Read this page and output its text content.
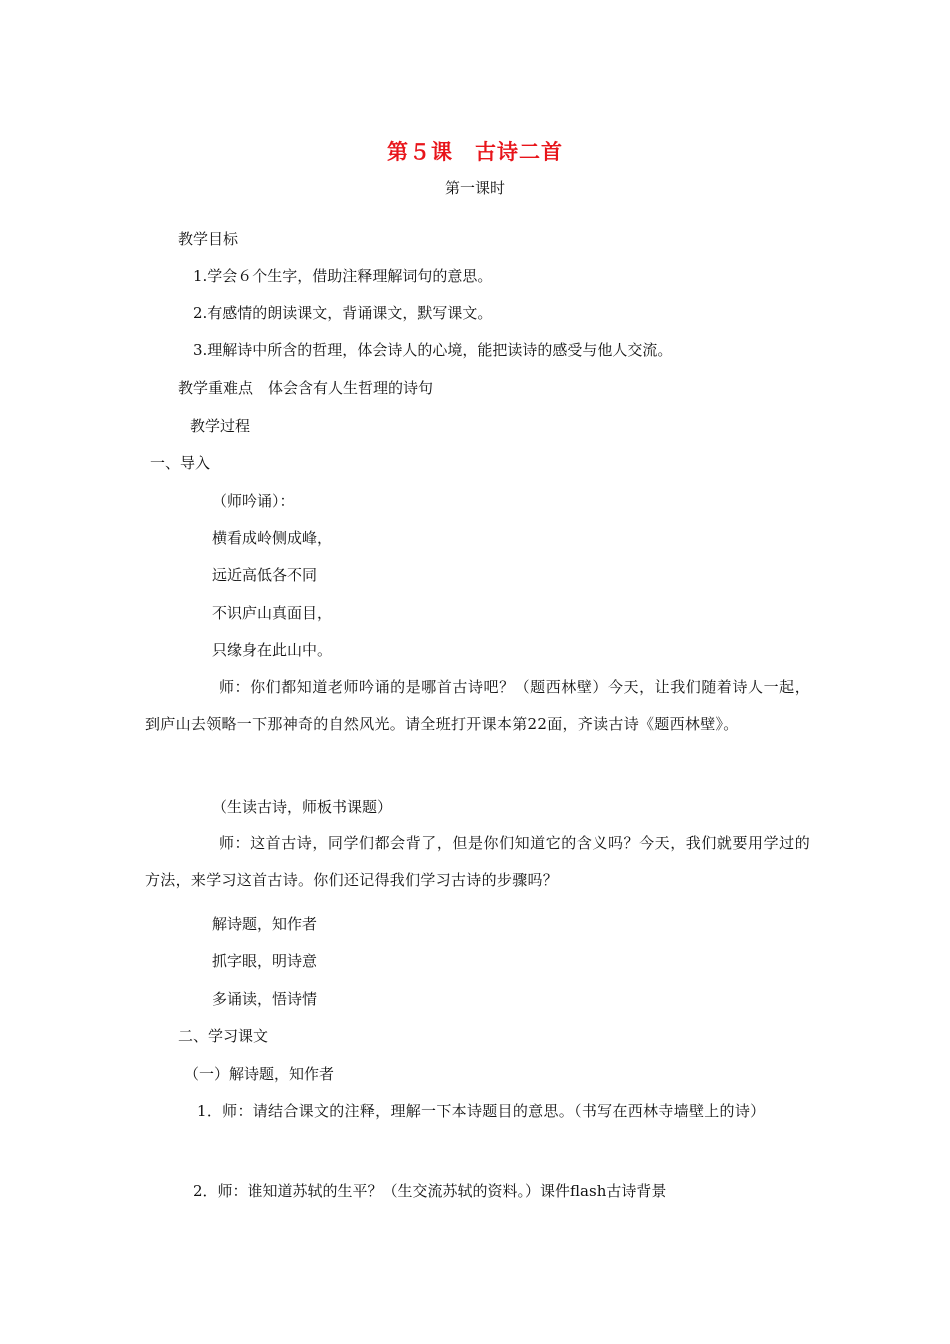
第５课　古诗二首
第一课时
教学目标
1.学会６个生字，借助注释理解词句的意思。
2.有感情的朗读课文，背诵课文，默写课文。
3.理解诗中所含的哲理，体会诗人的心境，能把读诗的感受与他人交流。
教学重难点　体会含有人生哲理的诗句
教学过程
一、导入
（师吟诵）：
横看成岭侧成峰，
远近高低各不同
不识庐山真面目，
只缘身在此山中。
师：你们都知道老师吟诵的是哪首古诗吧？（题西林壁）今天，让我们随着诗人一起，到庐山去领略一下那神奇的自然风光。请全班打开课本第22面，齐读古诗《题西林壁》。
（生读古诗，师板书课题）
师：这首古诗，同学们都会背了，但是你们知道它的含义吗？今天，我们就要用学过的方法，来学习这首古诗。你们还记得我们学习古诗的步骤吗？
解诗题，知作者
抓字眼，明诗意
多诵读，悟诗情
二、学习课文
（一）解诗题，知作者
1．师：请结合课文的注释，理解一下本诗题目的意思。（书写在西林寺墙壁上的诗）
2．师：谁知道苏轼的生平？（生交流苏轼的资料。）课件flash古诗背景
